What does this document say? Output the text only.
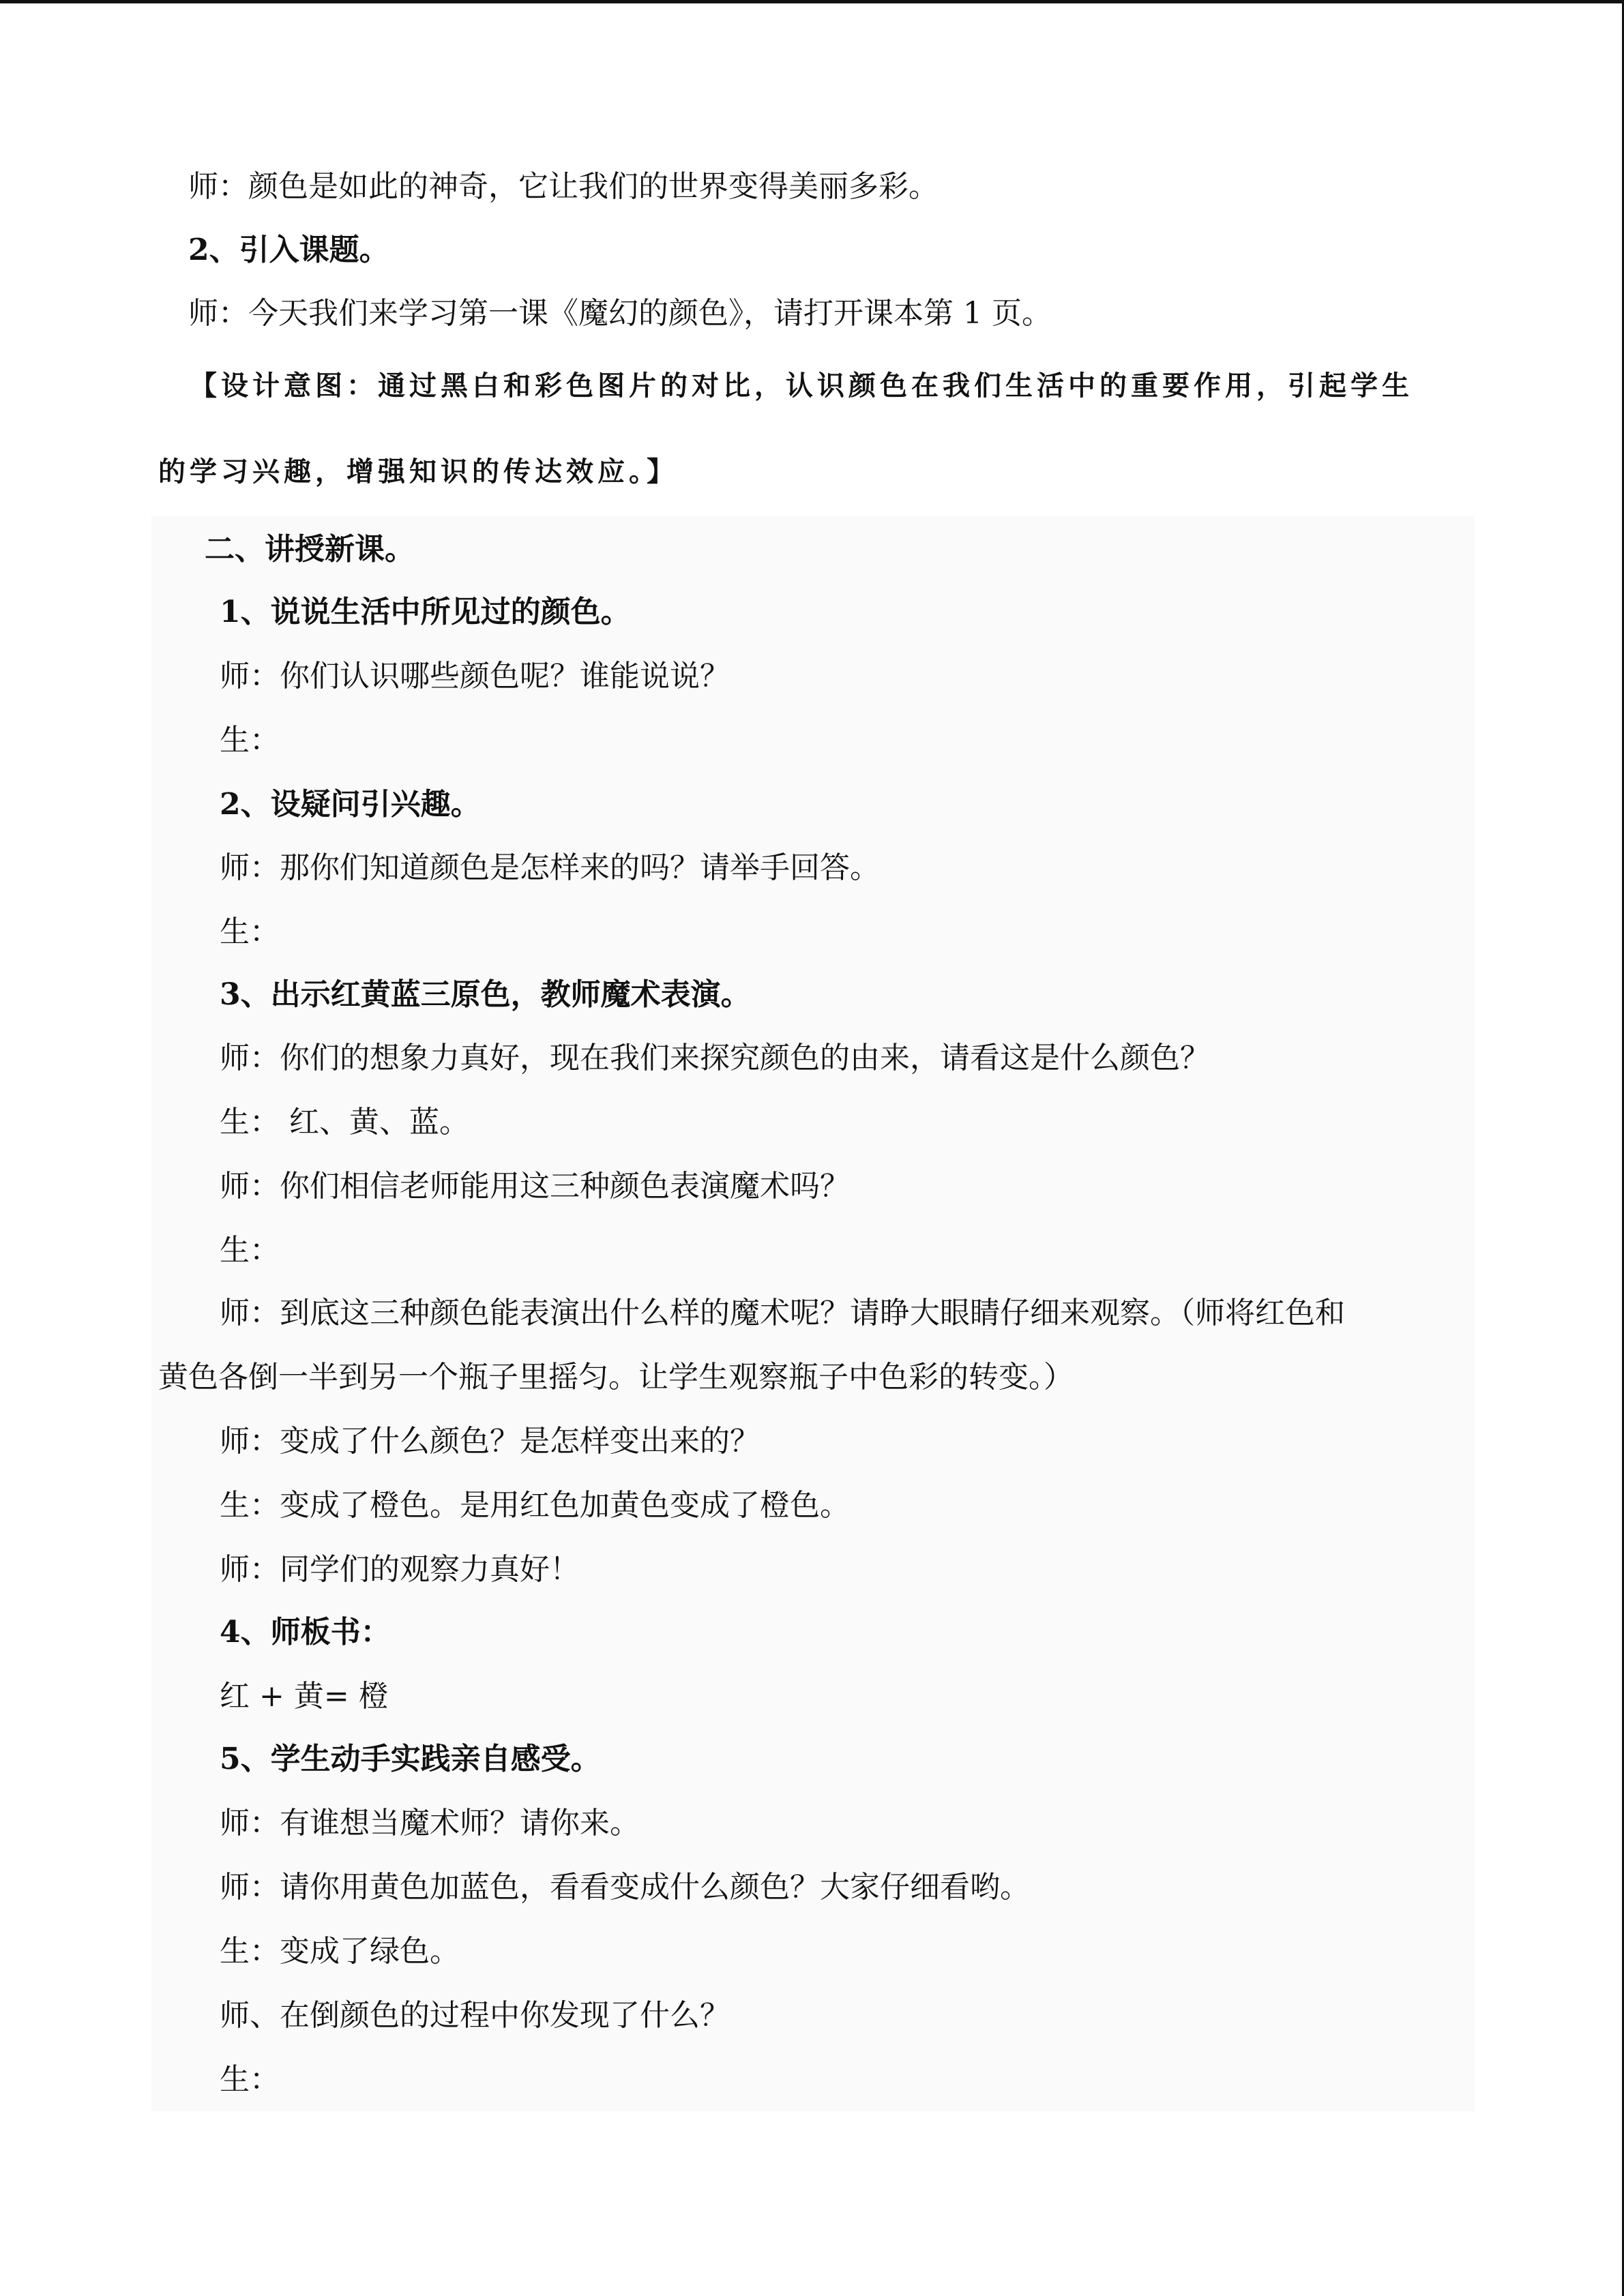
师：颜色是如此的神奇，它让我们的世界变得美丽多彩。
2、引入课题。
师：今天我们来学习第一课《魔幻的颜色》，请打开课本第 1 页。
【设计意图：通过黑白和彩色图片的对比，认识颜色在我们生活中的重要作用，引起学生
的学习兴趣，增强知识的传达效应。】
二、讲授新课。
1、说说生活中所见过的颜色。
师：你们认识哪些颜色呢？谁能说说？
生：
2、设疑问引兴趣。
师：那你们知道颜色是怎样来的吗？请举手回答。
生：
3、出示红黄蓝三原色，教师魔术表演。
师：你们的想象力真好，现在我们来探究颜色的由来，请看这是什么颜色？
生： 红、黄、蓝。
师：你们相信老师能用这三种颜色表演魔术吗？
生：
师：到底这三种颜色能表演出什么样的魔术呢？请睁大眼睛仔细来观察。（师将红色和
黄色各倒一半到另一个瓶子里摇匀。让学生观察瓶子中色彩的转变。）
师：变成了什么颜色？是怎样变出来的？
生：变成了橙色。是用红色加黄色变成了橙色。
师：同学们的观察力真好！
4、师板书：
红 + 黄= 橙
5、学生动手实践亲自感受。
师：有谁想当魔术师？请你来。
师：请你用黄色加蓝色，看看变成什么颜色？大家仔细看哟。
生：变成了绿色。
师、在倒颜色的过程中你发现了什么？
生：
